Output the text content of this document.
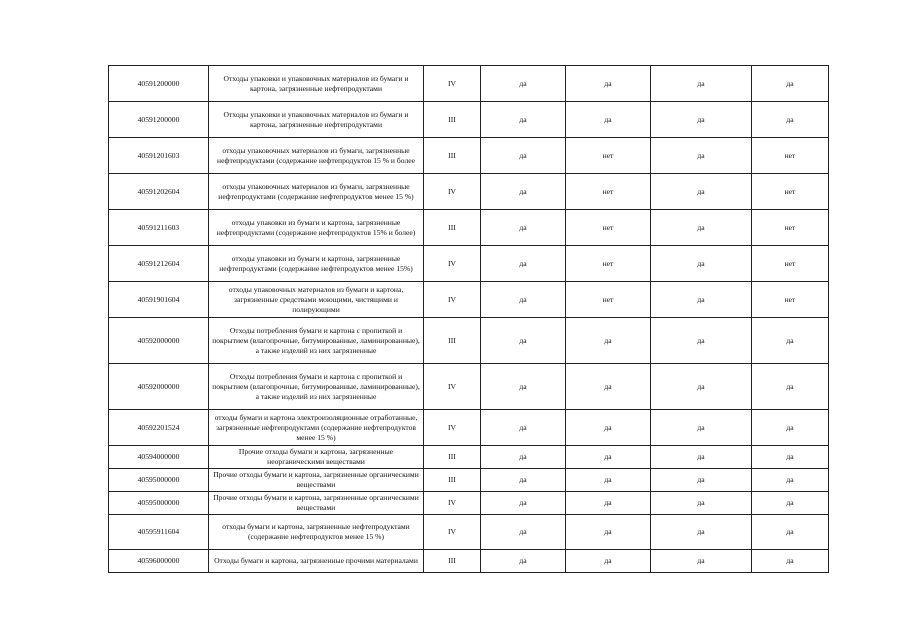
40591200000	Отходы упаковки и упаковочных материалов из бумаги и картона, загрязненные нефтепродуктами	IV	да	да	да	да
40591200000	Отходы упаковки и упаковочных материалов из бумаги и картона, загрязненные нефтепродуктами	III	да	да	да	да
40591201603	отходы упаковочных материалов из бумаги, загрязненные нефтепродуктами (содержание нефтепродуктов 15 % и более	III	да	нет	да	нет
40591202604	отходы упаковочных материалов из бумаги, загрязненные нефтепродуктами (содержание нефтепродуктов менее 15 %)	IV	да	нет	да	нет
40591211603	отходы упаковки из бумаги и картона, загрязненные нефтепродуктами (содержание нефтепродуктов 15% и более)	III	да	нет	да	нет
40591212604	отходы упаковки из бумаги и картона, загрязненные нефтепродуктами (содержание нефтепродуктов менее 15%)	IV	да	нет	да	нет
40591901604	отходы упаковочных материалов из бумаги и картона, загрязненные средствами моющими, чистящими и полирующими	IV	да	нет	да	нет
40592000000	Отходы потребления бумаги и картона с пропиткой и покрытием (влагопрочные, битумированные, ламинированные), а также изделий из них загрязненные	III	да	да	да	да
40592000000	Отходы потребления бумаги и картона с пропиткой и покрытием (влагопрочные, битумированные, ламинированные), а также изделий из них загрязненные	IV	да	да	да	да
40592201524	отходы бумаги и картона электроизоляционные отработанные, загрязненные нефтепродуктами (содержание нефтепродуктов менее 15 %)	IV	да	да	да	да
40594000000	Прочие отходы бумаги и картона, загрязненные неорганическими веществами	III	да	да	да	да
40595000000	Прочие отходы бумаги и картона, загрязненные органическими веществами	III	да	да	да	да
40595000000	Прочие отходы бумаги и картона, загрязненные органическими веществами	IV	да	да	да	да
40595911604	отходы бумаги и картона, загрязненные нефтепродуктами (содержание нефтепродуктов менее 15 %)	IV	да	да	да	да
40596000000	Отходы бумаги и картона, загрязненные прочими материалами	III	да	да	да	да
